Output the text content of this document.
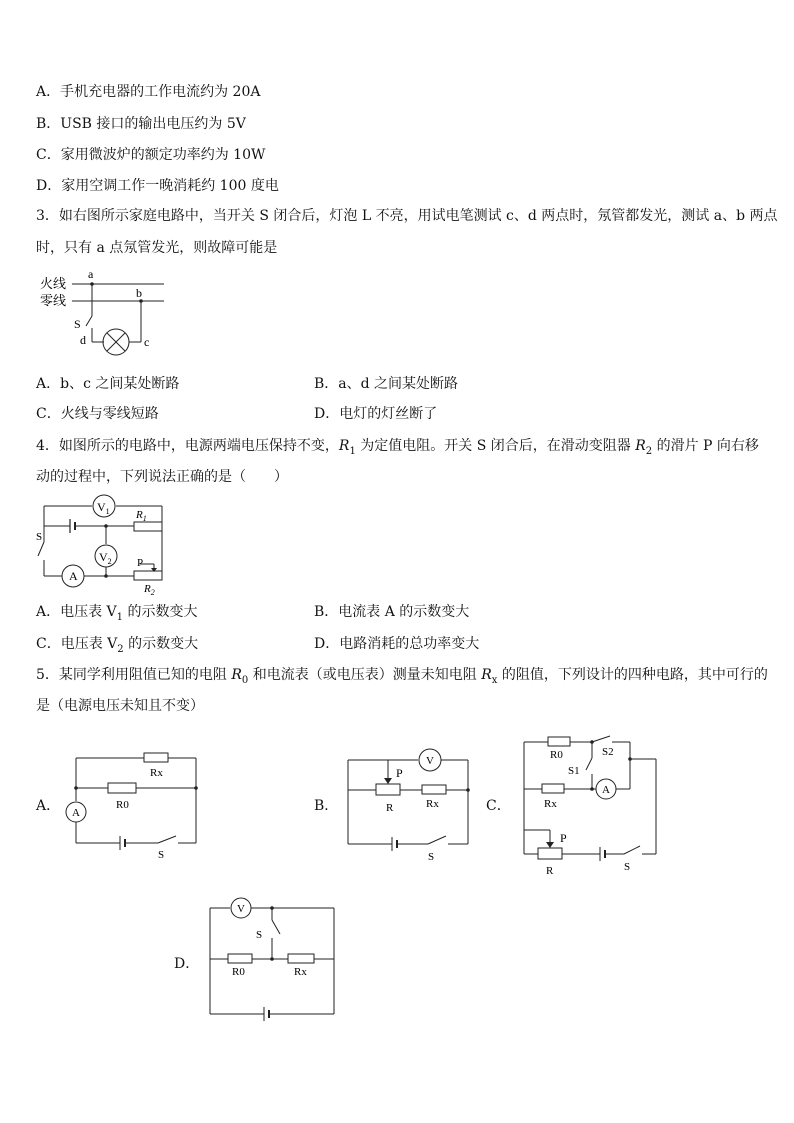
A．手机充电器的工作电流约为 20A
B．USB 接口的输出电压约为 5V
C．家用微波炉的额定功率约为 10W
D．家用空调工作一晚消耗约 100 度电
3．如右图所示家庭电路中，当开关 S 闭合后，灯泡 L 不亮，用试电笔测试 c、d 两点时，氖管都发光，测试 a、b 两点
时，只有 a 点氖管发光，则故障可能是
火线
零线
a
b
S
d	c
A．b、c 之间某处断路	B．a、d 之间某处断路
C．火线与零线短路	D．电灯的灯丝断了
4．如图所示的电路中，电源两端电压保持不变，$R_1$ 为定值电阻。开关 S 闭合后，在滑动变阻器 $R_2$ 的滑片 P 向右移
动的过程中，下列说法正确的是（　　）
$V_1$
$V_2$
$R_1$
$R_2$
A
S
P
A．电压表 $V_1$ 的示数变大	B．电流表 A 的示数变大
C．电压表 $V_2$ 的示数变大	D．电路消耗的总功率变大
5．某同学利用阻值已知的电阻 $R_0$ 和电流表（或电压表）测量未知电阻 $R_x$ 的阻值，下列设计的四种电路，其中可行的
是（电源电压未知且不变）
A．
Rx
R0
A
S
B．
V
P
R	Rx
S
C．
R0	S2
S1
Rx
A
P
R	S
D．
V
S
R0	Rx
